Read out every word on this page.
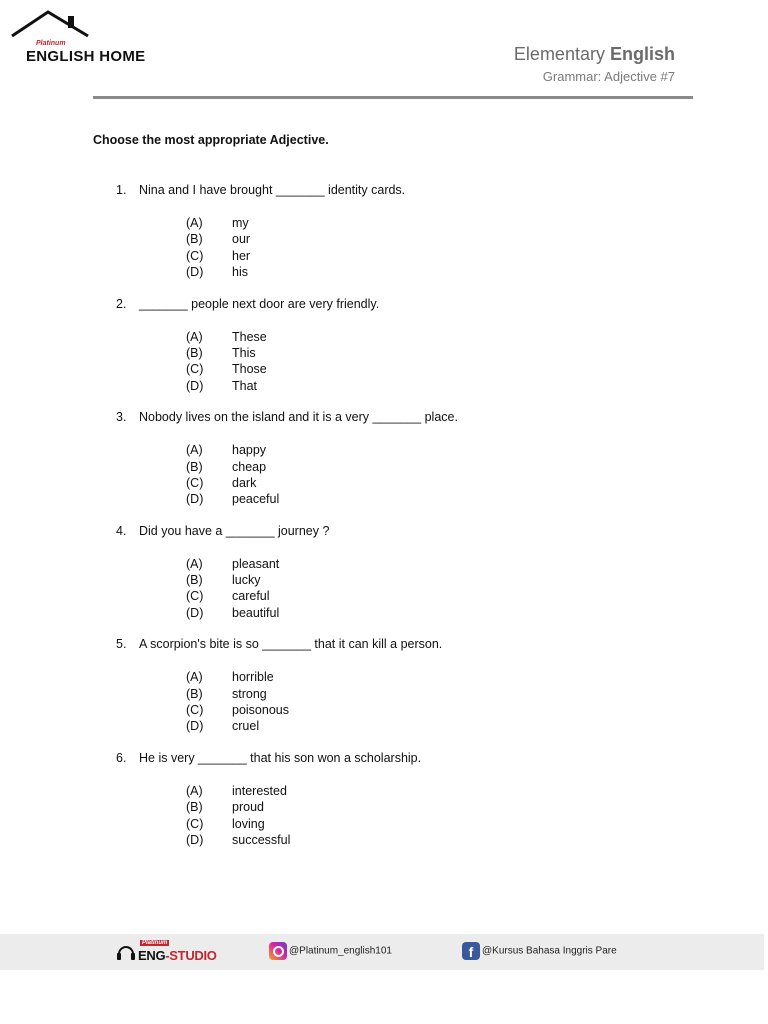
Platinum
ENGLISH HOME	Elementary English
Grammar: Adjective #7
Choose the most appropriate Adjective.
1. Nina and I have brought _______ identity cards.
(A) my
(B) our
(C) her
(D) his
2. _______ people next door are very friendly.
(A) These
(B) This
(C) Those
(D) That
3. Nobody lives on the island and it is a very _______ place.
(A) happy
(B) cheap
(C) dark
(D) peaceful
4. Did you have a _______ journey ?
(A) pleasant
(B) lucky
(C) careful
(D) beautiful
5. A scorpion's bite is so _______ that it can kill a person.
(A) horrible
(B) strong
(C) poisonous
(D) cruel
6. He is very _______ that his son won a scholarship.
(A) interested
(B) proud
(C) loving
(D) successful
Platinum
ENG-STUDIO	@Platinum_english101	f @Kursus Bahasa Inggris Pare
